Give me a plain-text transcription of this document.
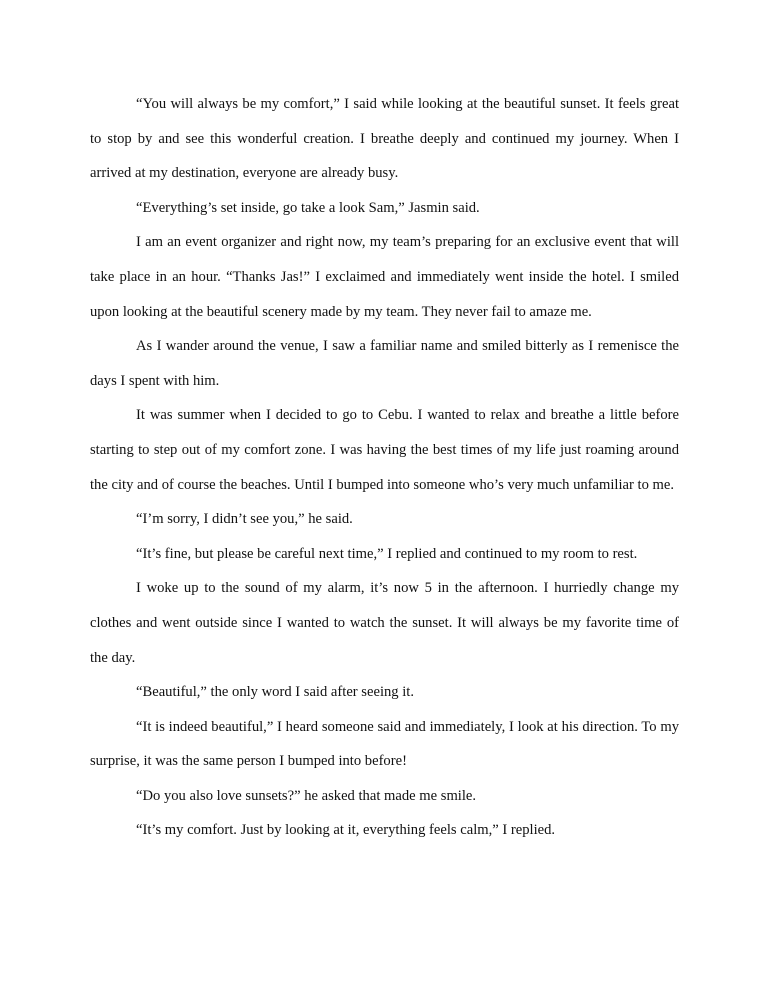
“You will always be my comfort,” I said while looking at the beautiful sunset. It feels great to stop by and see this wonderful creation. I breathe deeply and continued my journey. When I arrived at my destination, everyone are already busy.

“Everything’s set inside, go take a look Sam,” Jasmin said.

I am an event organizer and right now, my team’s preparing for an exclusive event that will take place in an hour. “Thanks Jas!” I exclaimed and immediately went inside the hotel. I smiled upon looking at the beautiful scenery made by my team. They never fail to amaze me.

As I wander around the venue, I saw a familiar name and smiled bitterly as I remenisce the days I spent with him.

It was summer when I decided to go to Cebu. I wanted to relax and breathe a little before starting to step out of my comfort zone. I was having the best times of my life just roaming around the city and of course the beaches. Until I bumped into someone who’s very much unfamiliar to me.

“I’m sorry, I didn’t see you,” he said.

“It’s fine, but please be careful next time,” I replied and continued to my room to rest.

I woke up to the sound of my alarm, it’s now 5 in the afternoon. I hurriedly change my clothes and went outside since I wanted to watch the sunset. It will always be my favorite time of the day.

“Beautiful,” the only word I said after seeing it.

“It is indeed beautiful,” I heard someone said and immediately, I look at his direction. To my surprise, it was the same person I bumped into before!

“Do you also love sunsets?” he asked that made me smile.

“It’s my comfort. Just by looking at it, everything feels calm,” I replied.
